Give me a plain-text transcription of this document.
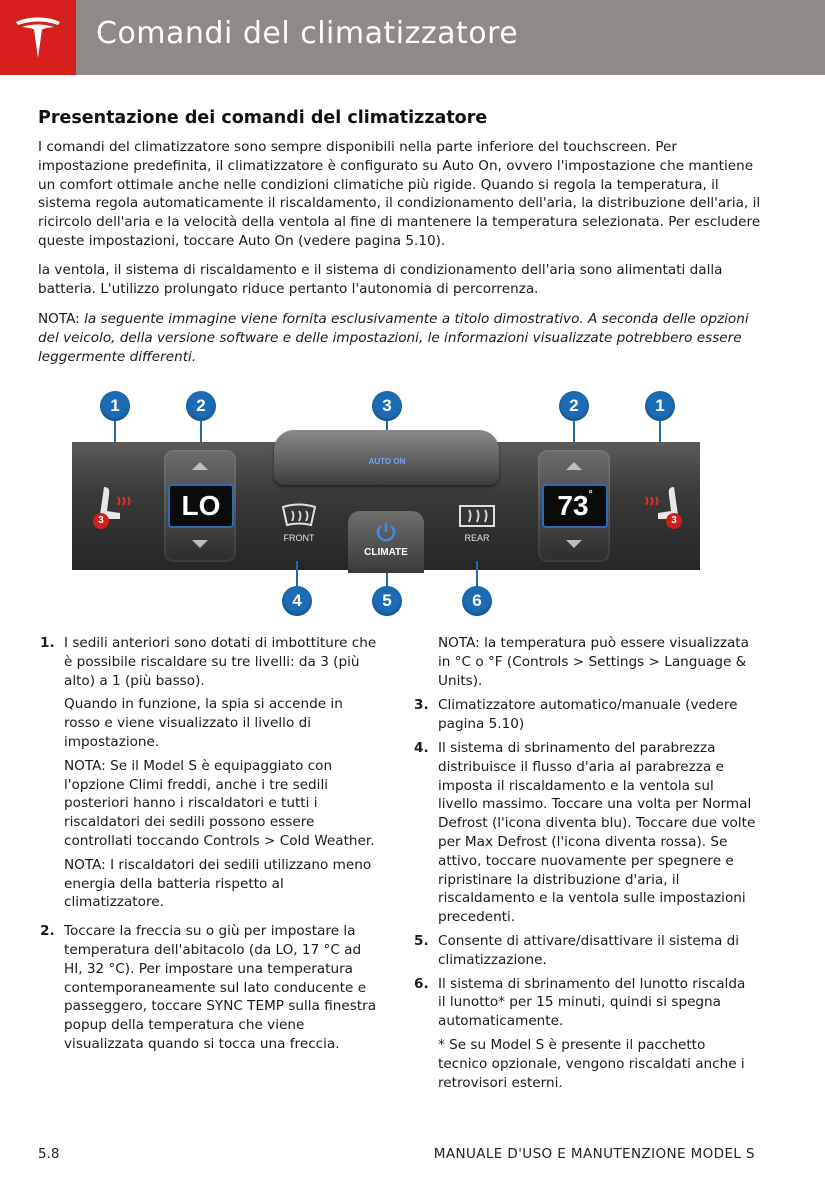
Comandi del climatizzatore
Presentazione dei comandi del climatizzatore

I comandi del climatizzatore sono sempre disponibili nella parte inferiore del touchscreen. Per impostazione predefinita, il climatizzatore è configurato su Auto On, ovvero l'impostazione che mantiene un comfort ottimale anche nelle condizioni climatiche più rigide. Quando si regola la temperatura, il sistema regola automaticamente il riscaldamento, il condizionamento dell'aria, la distribuzione dell'aria, il ricircolo dell'aria e la velocità della ventola al fine di mantenere la temperatura selezionata. Per escludere queste impostazioni, toccare Auto On (vedere pagina 5.10).

la ventola, il sistema di riscaldamento e il sistema di condizionamento dell'aria sono alimentati dalla batteria. L'utilizzo prolungato riduce pertanto l'autonomia di percorrenza.

NOTA: la seguente immagine viene fornita esclusivamente a titolo dimostrativo. A seconda delle opzioni del veicolo, della versione software e delle impostazioni, le informazioni visualizzate potrebbero essere leggermente differenti.

1	2	3	2	1
AUTO ON
3	LO
FRONT
CLIMATE
REAR
73°
3
4	5	6
1. I sedili anteriori sono dotati di imbottiture che è possibile riscaldare su tre livelli: da 3 (più alto) a 1 (più basso).
Quando in funzione, la spia si accende in rosso e viene visualizzato il livello di impostazione.
NOTA: Se il Model S è equipaggiato con l'opzione Climi freddi, anche i tre sedili posteriori hanno i riscaldatori e tutti i riscaldatori dei sedili possono essere controllati toccando Controls > Cold Weather.
NOTA: I riscaldatori dei sedili utilizzano meno energia della batteria rispetto al climatizzatore.
2. Toccare la freccia su o giù per impostare la temperatura dell'abitacolo (da LO, 17 °C ad HI, 32 °C). Per impostare una temperatura contemporaneamente sul lato conducente e passeggero, toccare SYNC TEMP sulla finestra popup della temperatura che viene visualizzata quando si tocca una freccia.
NOTA: la temperatura può essere visualizzata in °C o °F (Controls > Settings > Language & Units).
3. Climatizzatore automatico/manuale (vedere pagina 5.10)
4. Il sistema di sbrinamento del parabrezza distribuisce il flusso d'aria al parabrezza e imposta il riscaldamento e la ventola sul livello massimo. Toccare una volta per Normal Defrost (l'icona diventa blu). Toccare due volte per Max Defrost (l'icona diventa rossa). Se attivo, toccare nuovamente per spegnere e ripristinare la distribuzione d'aria, il riscaldamento e la ventola sulle impostazioni precedenti.
5. Consente di attivare/disattivare il sistema di climatizzazione.
6. Il sistema di sbrinamento del lunotto riscalda il lunotto* per 15 minuti, quindi si spegna automaticamente.
* Se su Model S è presente il pacchetto tecnico opzionale, vengono riscaldati anche i retrovisori esterni.
5.8	MANUALE D'USO E MANUTENZIONE MODEL S
